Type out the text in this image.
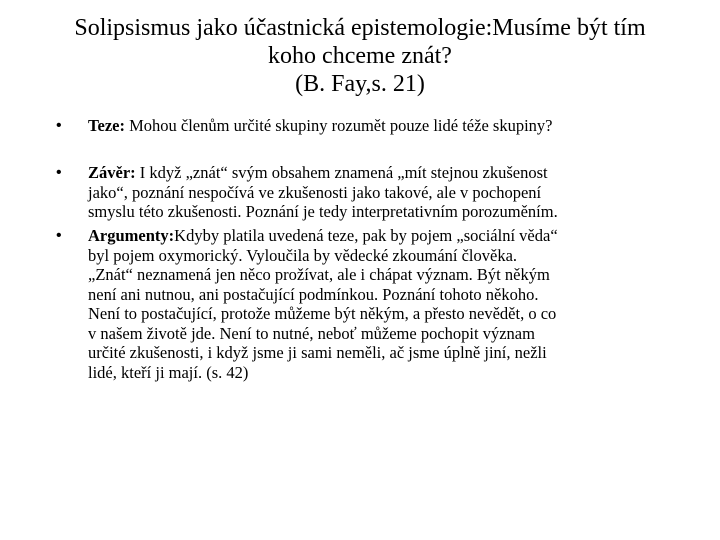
Solipsismus jako účastnická epistemologie:Musíme být tím
koho chceme znát?
(B. Fay,s. 21)
• Teze: Mohou členům určité skupiny rozumět pouze lidé téže skupiny?
• Závěr: I když „znát“ svým obsahem znamená „mít stejnou zkušenost
jako“, poznání nespočívá ve zkušenosti jako takové, ale v pochopení
smyslu této zkušenosti. Poznání je tedy interpretativním porozuměním.
• Argumenty:Kdyby platila uvedená teze, pak by pojem „sociální věda“
byl pojem oxymorický. Vyloučila by vědecké zkoumání člověka.
„Znát“ neznamená jen něco prožívat, ale i chápat význam. Být někým
není ani nutnou, ani postačující podmínkou. Poznání tohoto někoho.
Není to postačující, protože můžeme být někým, a přesto nevědět, o co
v našem životě jde. Není to nutné, neboť můžeme pochopit význam
určité zkušenosti, i když jsme ji sami neměli, ač jsme úplně jiní, nežli
lidé, kteří ji mají. (s. 42)
